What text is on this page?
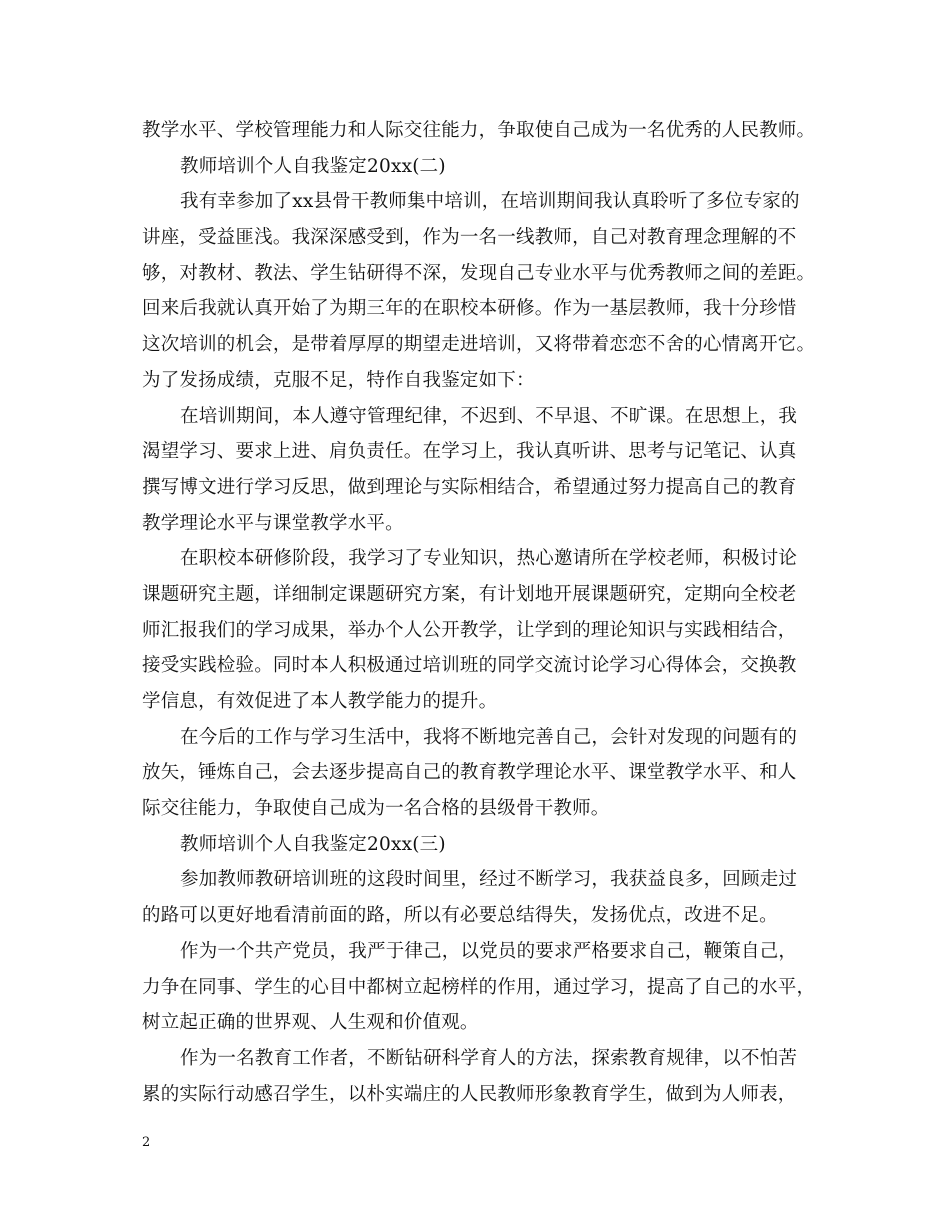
教学水平、学校管理能力和人际交往能力，争取使自己成为一名优秀的人民教师。
教师培训个人自我鉴定20xx(二)
我有幸参加了xx县骨干教师集中培训，在培训期间我认真聆听了多位专家的
讲座，受益匪浅。我深深感受到，作为一名一线教师，自己对教育理念理解的不
够，对教材、教法、学生钻研得不深，发现自己专业水平与优秀教师之间的差距。
回来后我就认真开始了为期三年的在职校本研修。作为一基层教师，我十分珍惜
这次培训的机会，是带着厚厚的期望走进培训，又将带着恋恋不舍的心情离开它。
为了发扬成绩，克服不足，特作自我鉴定如下：
在培训期间，本人遵守管理纪律，不迟到、不早退、不旷课。在思想上，我
渴望学习、要求上进、肩负责任。在学习上，我认真听讲、思考与记笔记、认真
撰写博文进行学习反思，做到理论与实际相结合，希望通过努力提高自己的教育
教学理论水平与课堂教学水平。
在职校本研修阶段，我学习了专业知识，热心邀请所在学校老师，积极讨论
课题研究主题，详细制定课题研究方案，有计划地开展课题研究，定期向全校老
师汇报我们的学习成果，举办个人公开教学，让学到的理论知识与实践相结合，
接受实践检验。同时本人积极通过培训班的同学交流讨论学习心得体会，交换教
学信息，有效促进了本人教学能力的提升。
在今后的工作与学习生活中，我将不断地完善自己，会针对发现的问题有的
放矢，锤炼自己，会去逐步提高自己的教育教学理论水平、课堂教学水平、和人
际交往能力，争取使自己成为一名合格的县级骨干教师。
教师培训个人自我鉴定20xx(三)
参加教师教研培训班的这段时间里，经过不断学习，我获益良多，回顾走过
的路可以更好地看清前面的路，所以有必要总结得失，发扬优点，改进不足。
作为一个共产党员，我严于律己，以党员的要求严格要求自己，鞭策自己，
力争在同事、学生的心目中都树立起榜样的作用，通过学习，提高了自己的水平，
树立起正确的世界观、人生观和价值观。
作为一名教育工作者，不断钻研科学育人的方法，探索教育规律，以不怕苦
累的实际行动感召学生，以朴实端庄的人民教师形象教育学生，做到为人师表，
2
